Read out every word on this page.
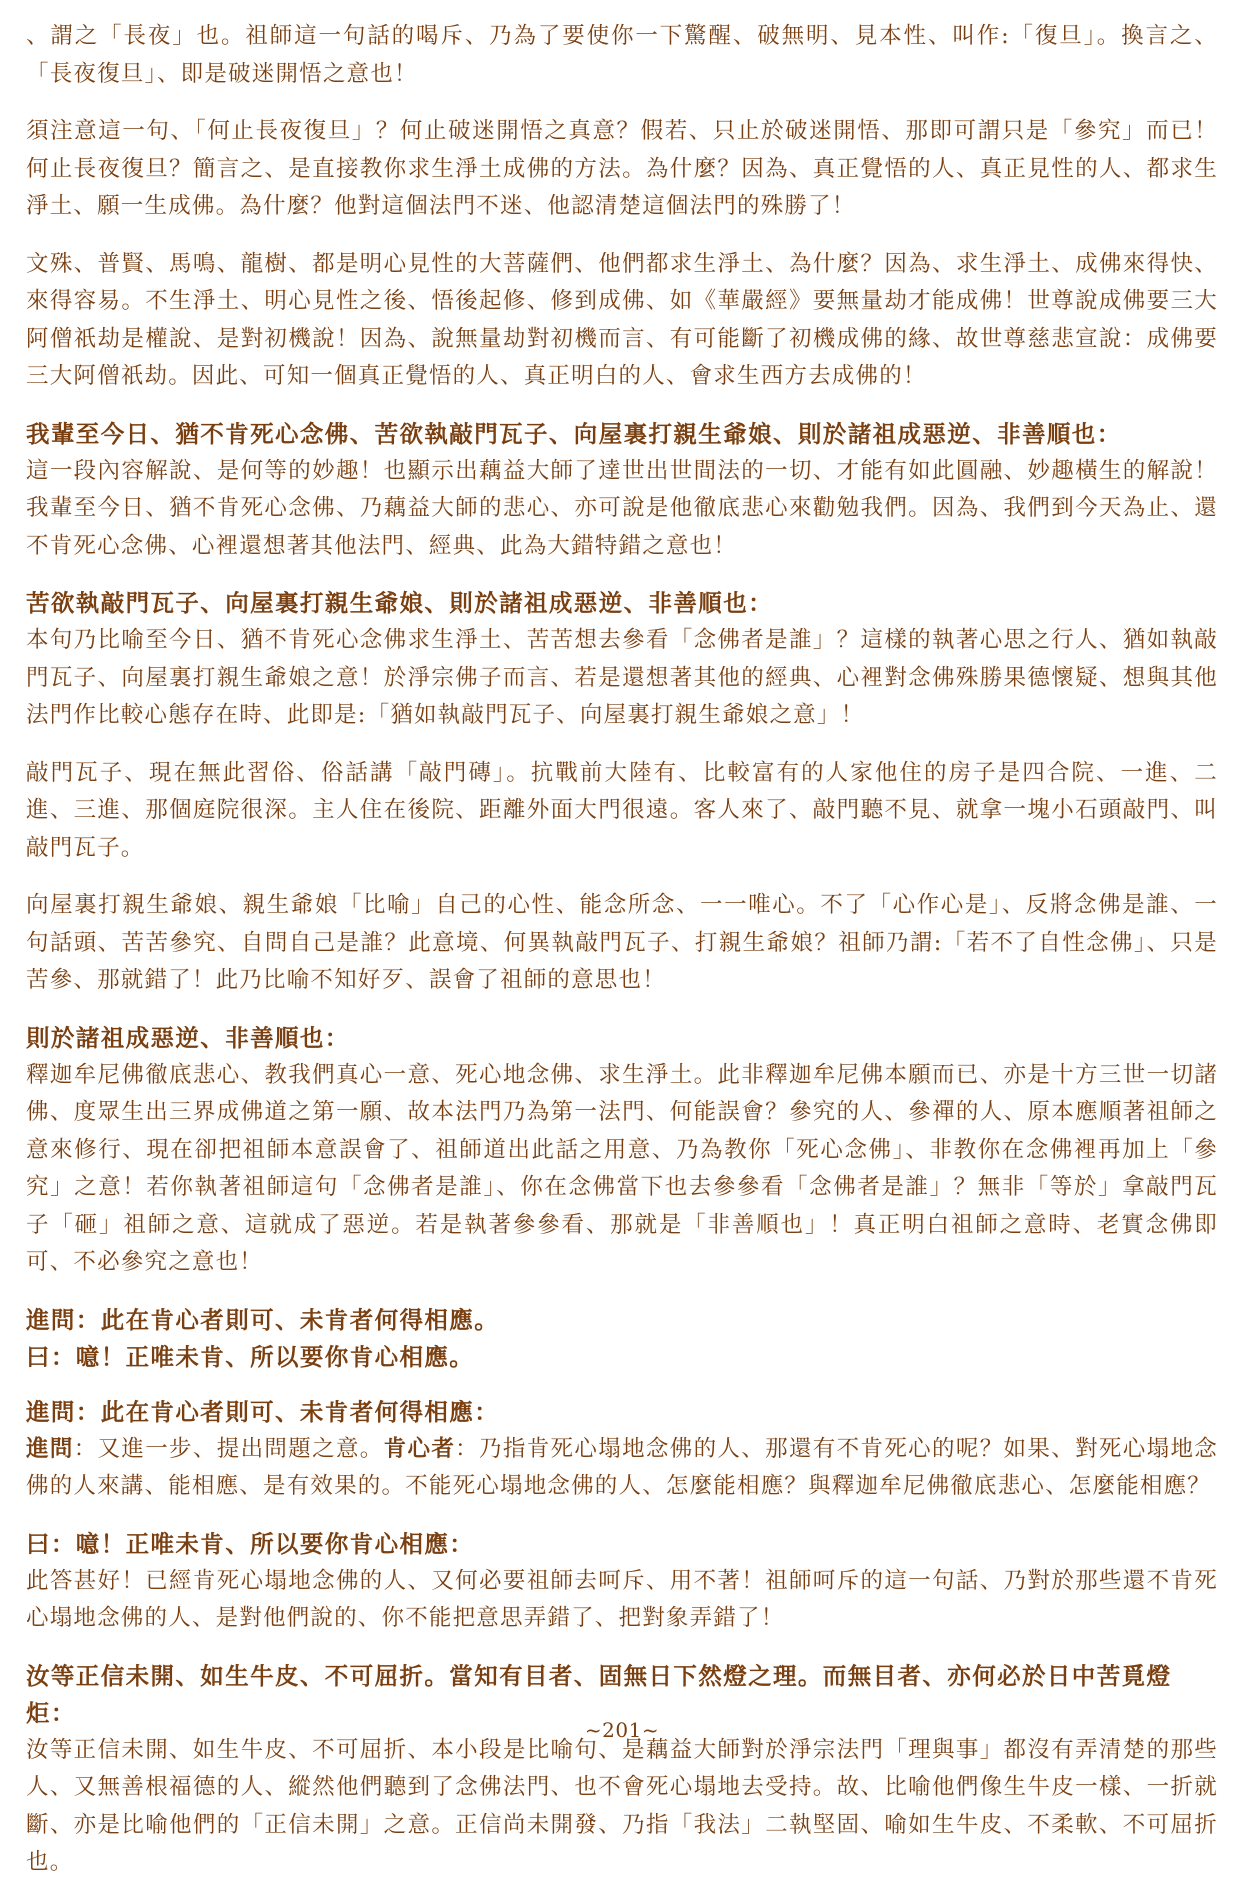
、謂之「長夜」也。祖師這一句話的喝斥、乃為了要使你一下驚醒、破無明、見本性、叫作:「復旦」。換言之、「長夜復旦」、即是破迷開悟之意也！

須注意這一句、「何止長夜復旦」？何止破迷開悟之真意？假若、只止於破迷開悟、那即可謂只是「參究」而已！何止長夜復旦？簡言之、是直接教你求生淨土成佛的方法。為什麼？因為、真正覺悟的人、真正見性的人、都求生淨土、願一生成佛。為什麼？他對這個法門不迷、他認清楚這個法門的殊勝了！

文殊、普賢、馬鳴、龍樹、都是明心見性的大菩薩們、他們都求生淨土、為什麼？因為、求生淨土、成佛來得快、來得容易。不生淨土、明心見性之後、悟後起修、修到成佛、如《華嚴經》要無量劫才能成佛！世尊說成佛要三大阿僧祇劫是權說、是對初機說！因為、說無量劫對初機而言、有可能斷了初機成佛的緣、故世尊慈悲宣說：成佛要三大阿僧祇劫。因此、可知一個真正覺悟的人、真正明白的人、會求生西方去成佛的！

我輩至今日、猶不肯死心念佛、苦欲執敲門瓦子、向屋裏打親生爺娘、則於諸祖成惡逆、非善順也：

這一段內容解說、是何等的妙趣！也顯示出藕益大師了達世出世間法的一切、才能有如此圓融、妙趣橫生的解說！我輩至今日、猶不肯死心念佛、乃藕益大師的悲心、亦可說是他徹底悲心來勸勉我們。因為、我們到今天為止、還不肯死心念佛、心裡還想著其他法門、經典、此為大錯特錯之意也！

苦欲執敲門瓦子、向屋裏打親生爺娘、則於諸祖成惡逆、非善順也：

本句乃比喻至今日、猶不肯死心念佛求生淨土、苦苦想去參看「念佛者是誰」？這樣的執著心思之行人、猶如執敲門瓦子、向屋裏打親生爺娘之意！於淨宗佛子而言、若是還想著其他的經典、心裡對念佛殊勝果德懷疑、想與其他法門作比較心態存在時、此即是:「猶如執敲門瓦子、向屋裏打親生爺娘之意」！

敲門瓦子、現在無此習俗、俗話講「敲門磚」。抗戰前大陸有、比較富有的人家他住的房子是四合院、一進、二進、三進、那個庭院很深。主人住在後院、距離外面大門很遠。客人來了、敲門聽不見、就拿一塊小石頭敲門、叫敲門瓦子。

向屋裏打親生爺娘、親生爺娘「比喻」自己的心性、能念所念、一一唯心。不了「心作心是」、反將念佛是誰、一句話頭、苦苦參究、自問自己是誰？此意境、何異執敲門瓦子、打親生爺娘？祖師乃謂:「若不了自性念佛」、只是苦參、那就錯了！此乃比喻不知好歹、誤會了祖師的意思也！

則於諸祖成惡逆、非善順也：

釋迦牟尼佛徹底悲心、教我們真心一意、死心地念佛、求生淨土。此非釋迦牟尼佛本願而已、亦是十方三世一切諸佛、度眾生出三界成佛道之第一願、故本法門乃為第一法門、何能誤會？參究的人、參禪的人、原本應順著祖師之意來修行、現在卻把祖師本意誤會了、祖師道出此話之用意、乃為教你「死心念佛」、非教你在念佛裡再加上「參究」之意！若你執著祖師這句「念佛者是誰」、你在念佛當下也去參參看「念佛者是誰」？無非「等於」拿敲門瓦子「砸」祖師之意、這就成了惡逆。若是執著參參看、那就是「非善順也」！真正明白祖師之意時、老實念佛即可、不必參究之意也！

進問：此在肯心者則可、未肯者何得相應。

曰：噫！正唯未肯、所以要你肯心相應。

進問：此在肯心者則可、未肯者何得相應：

進問：又進一步、提出問題之意。肯心者：乃指肯死心塌地念佛的人、那還有不肯死心的呢？如果、對死心塌地念佛的人來講、能相應、是有效果的。不能死心塌地念佛的人、怎麼能相應？與釋迦牟尼佛徹底悲心、怎麼能相應？

曰：噫！正唯未肯、所以要你肯心相應：

此答甚好！已經肯死心塌地念佛的人、又何必要祖師去呵斥、用不著！祖師呵斥的這一句話、乃對於那些還不肯死心塌地念佛的人、是對他們說的、你不能把意思弄錯了、把對象弄錯了！

汝等正信未開、如生牛皮、不可屈折。當知有目者、固無日下然燈之理。而無目者、亦何必於日中苦覓燈炬：

汝等正信未開、如生牛皮、不可屈折、本小段是比喻句、是藕益大師對於淨宗法門「理與事」都沒有弄清楚的那些人、又無善根福德的人、縱然他們聽到了念佛法門、也不會死心塌地去受持。故、比喻他們像生牛皮一樣、一折就斷、亦是比喻他們的「正信未開」之意。正信尚未開發、乃指「我法」二執堅固、喻如生牛皮、不柔軟、不可屈折也。

~201~
